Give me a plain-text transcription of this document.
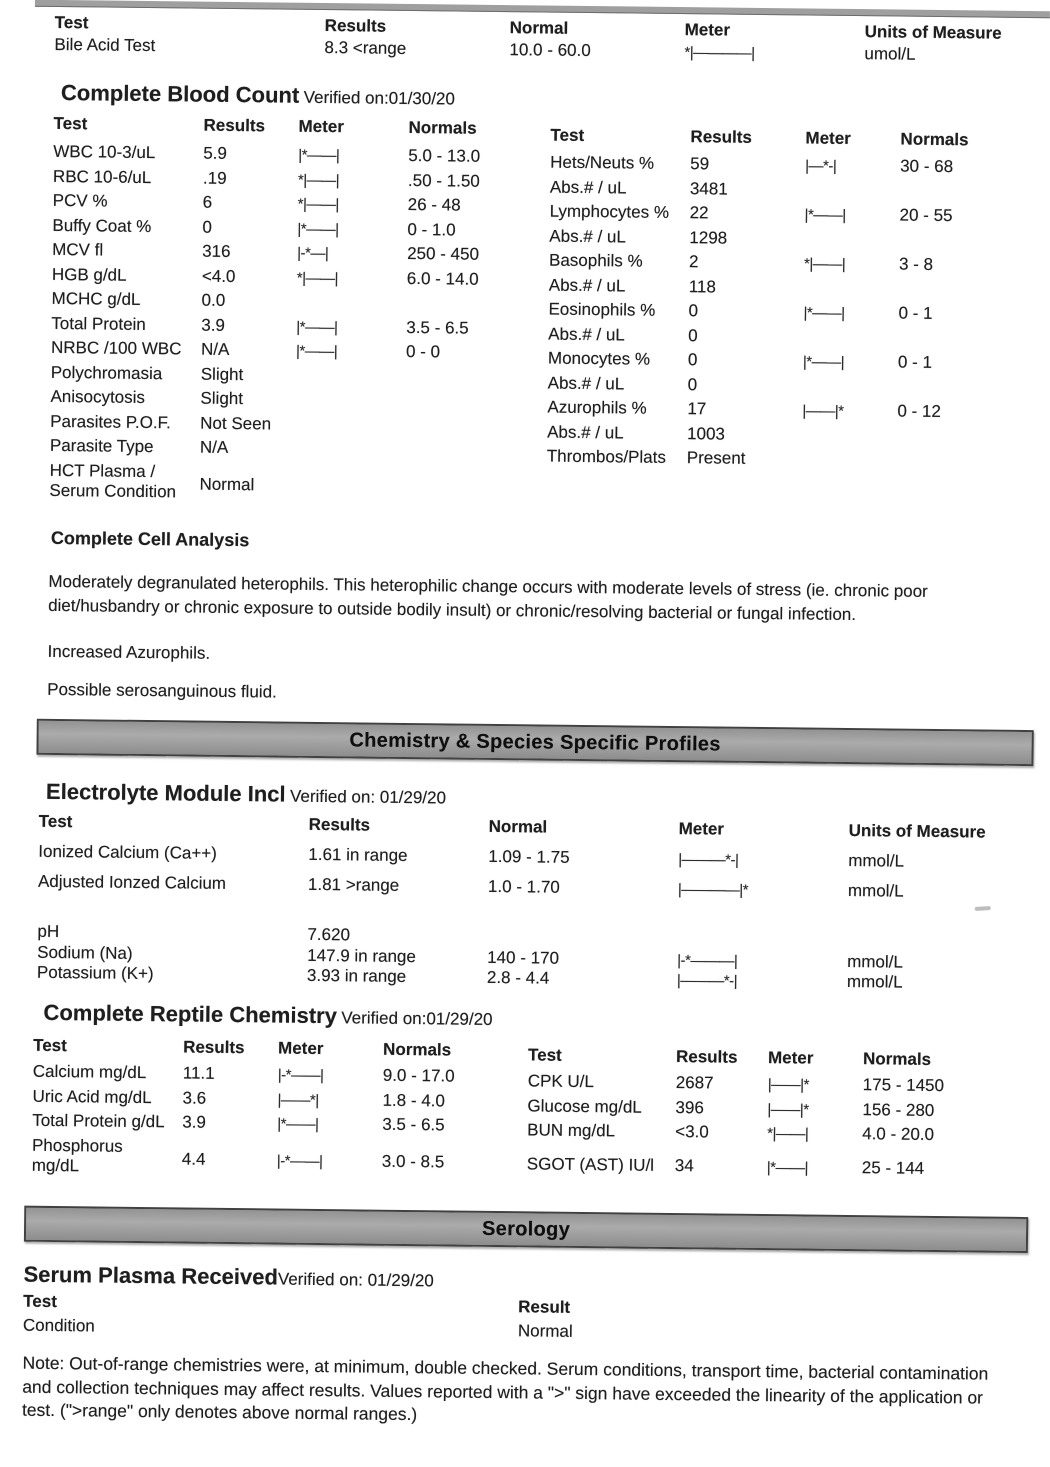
Test	Results	Normal	Meter	Units of Measure
Bile Acid Test	8.3 <range	10.0 - 60.0	*|————|	umol/L
Complete Blood Count Verified on:01/30/20
Test	Results	Meter	Normals
WBC 10-3/uL	5.9	|*——|	5.0 - 13.0
RBC 10-6/uL	.19	*|——|	.50 - 1.50
PCV %	6	*|——|	26 - 48
Buffy Coat %	0	|*——|	0 - 1.0
MCV fl	316	|-*—|	250 - 450
HGB g/dL	<4.0	*|——|	6.0 - 14.0
MCHC g/dL	0.0
Total Protein	3.9	|*——|	3.5 - 6.5
NRBC /100 WBC	N/A	|*——|	0 - 0
Polychromasia	Slight
Anisocytosis	Slight
Parasites P.O.F.	Not Seen
Parasite Type	N/A
HCT Plasma /
Serum Condition	Normal
Test	Results	Meter	Normals
Hets/Neuts %	59	|—*-|	30 - 68
Abs.# / uL	3481
Lymphocytes %	22	|*——|	20 - 55
Abs.# / uL	1298
Basophils %	2	*|——|	3 - 8
Abs.# / uL	118
Eosinophils %	0	|*——|	0 - 1
Abs.# / uL	0
Monocytes %	0	|*——|	0 - 1
Abs.# / uL	0
Azurophils %	17	|——|*	0 - 12
Abs.# / uL	1003
Thrombos/Plats	Present
Complete Cell Analysis
Moderately degranulated heterophils. This heterophilic change occurs with moderate levels of stress (ie. chronic poor diet/husbandry or chronic exposure to outside bodily insult) or chronic/resolving bacterial or fungal infection.
Increased Azurophils.
Possible serosanguinous fluid.
Chemistry & Species Specific Profiles
Electrolyte Module Incl Verified on: 01/29/20
Test	Results	Normal	Meter	Units of Measure
Ionized Calcium (Ca++)	1.61 in range	1.09 - 1.75	|———*-|	mmol/L
Adjusted Ionzed Calcium	1.81 >range	1.0 - 1.70	|————|*	mmol/L
pH	7.620
Sodium (Na)	147.9 in range	140 - 170	|-*———|	mmol/L
Potassium (K+)	3.93 in range	2.8 - 4.4	|———*-|	mmol/L
Complete Reptile Chemistry Verified on:01/29/20
Test	Results	Meter	Normals
Calcium mg/dL	11.1	|-*——|	9.0 - 17.0
Uric Acid mg/dL	3.6	|——*|	1.8 - 4.0
Total Protein g/dL	3.9	|*——|	3.5 - 6.5
Phosphorus
mg/dL	4.4	|-*——|	3.0 - 8.5
Test	Results	Meter	Normals
CPK U/L	2687	|——|*	175 - 1450
Glucose mg/dL	396	|——|*	156 - 280
BUN mg/dL	<3.0	*|——|	4.0 - 20.0
SGOT (AST) IU/l	34	|*——|	25 - 144
Serology
Serum Plasma ReceivedVerified on: 01/29/20
Test	Result
Condition	Normal
Note: Out-of-range chemistries were, at minimum, double checked. Serum conditions, transport time, bacterial contamination and collection techniques may affect results. Values reported with a ">" sign have exceeded the linearity of the application or test. (">range" only denotes above normal ranges.)
